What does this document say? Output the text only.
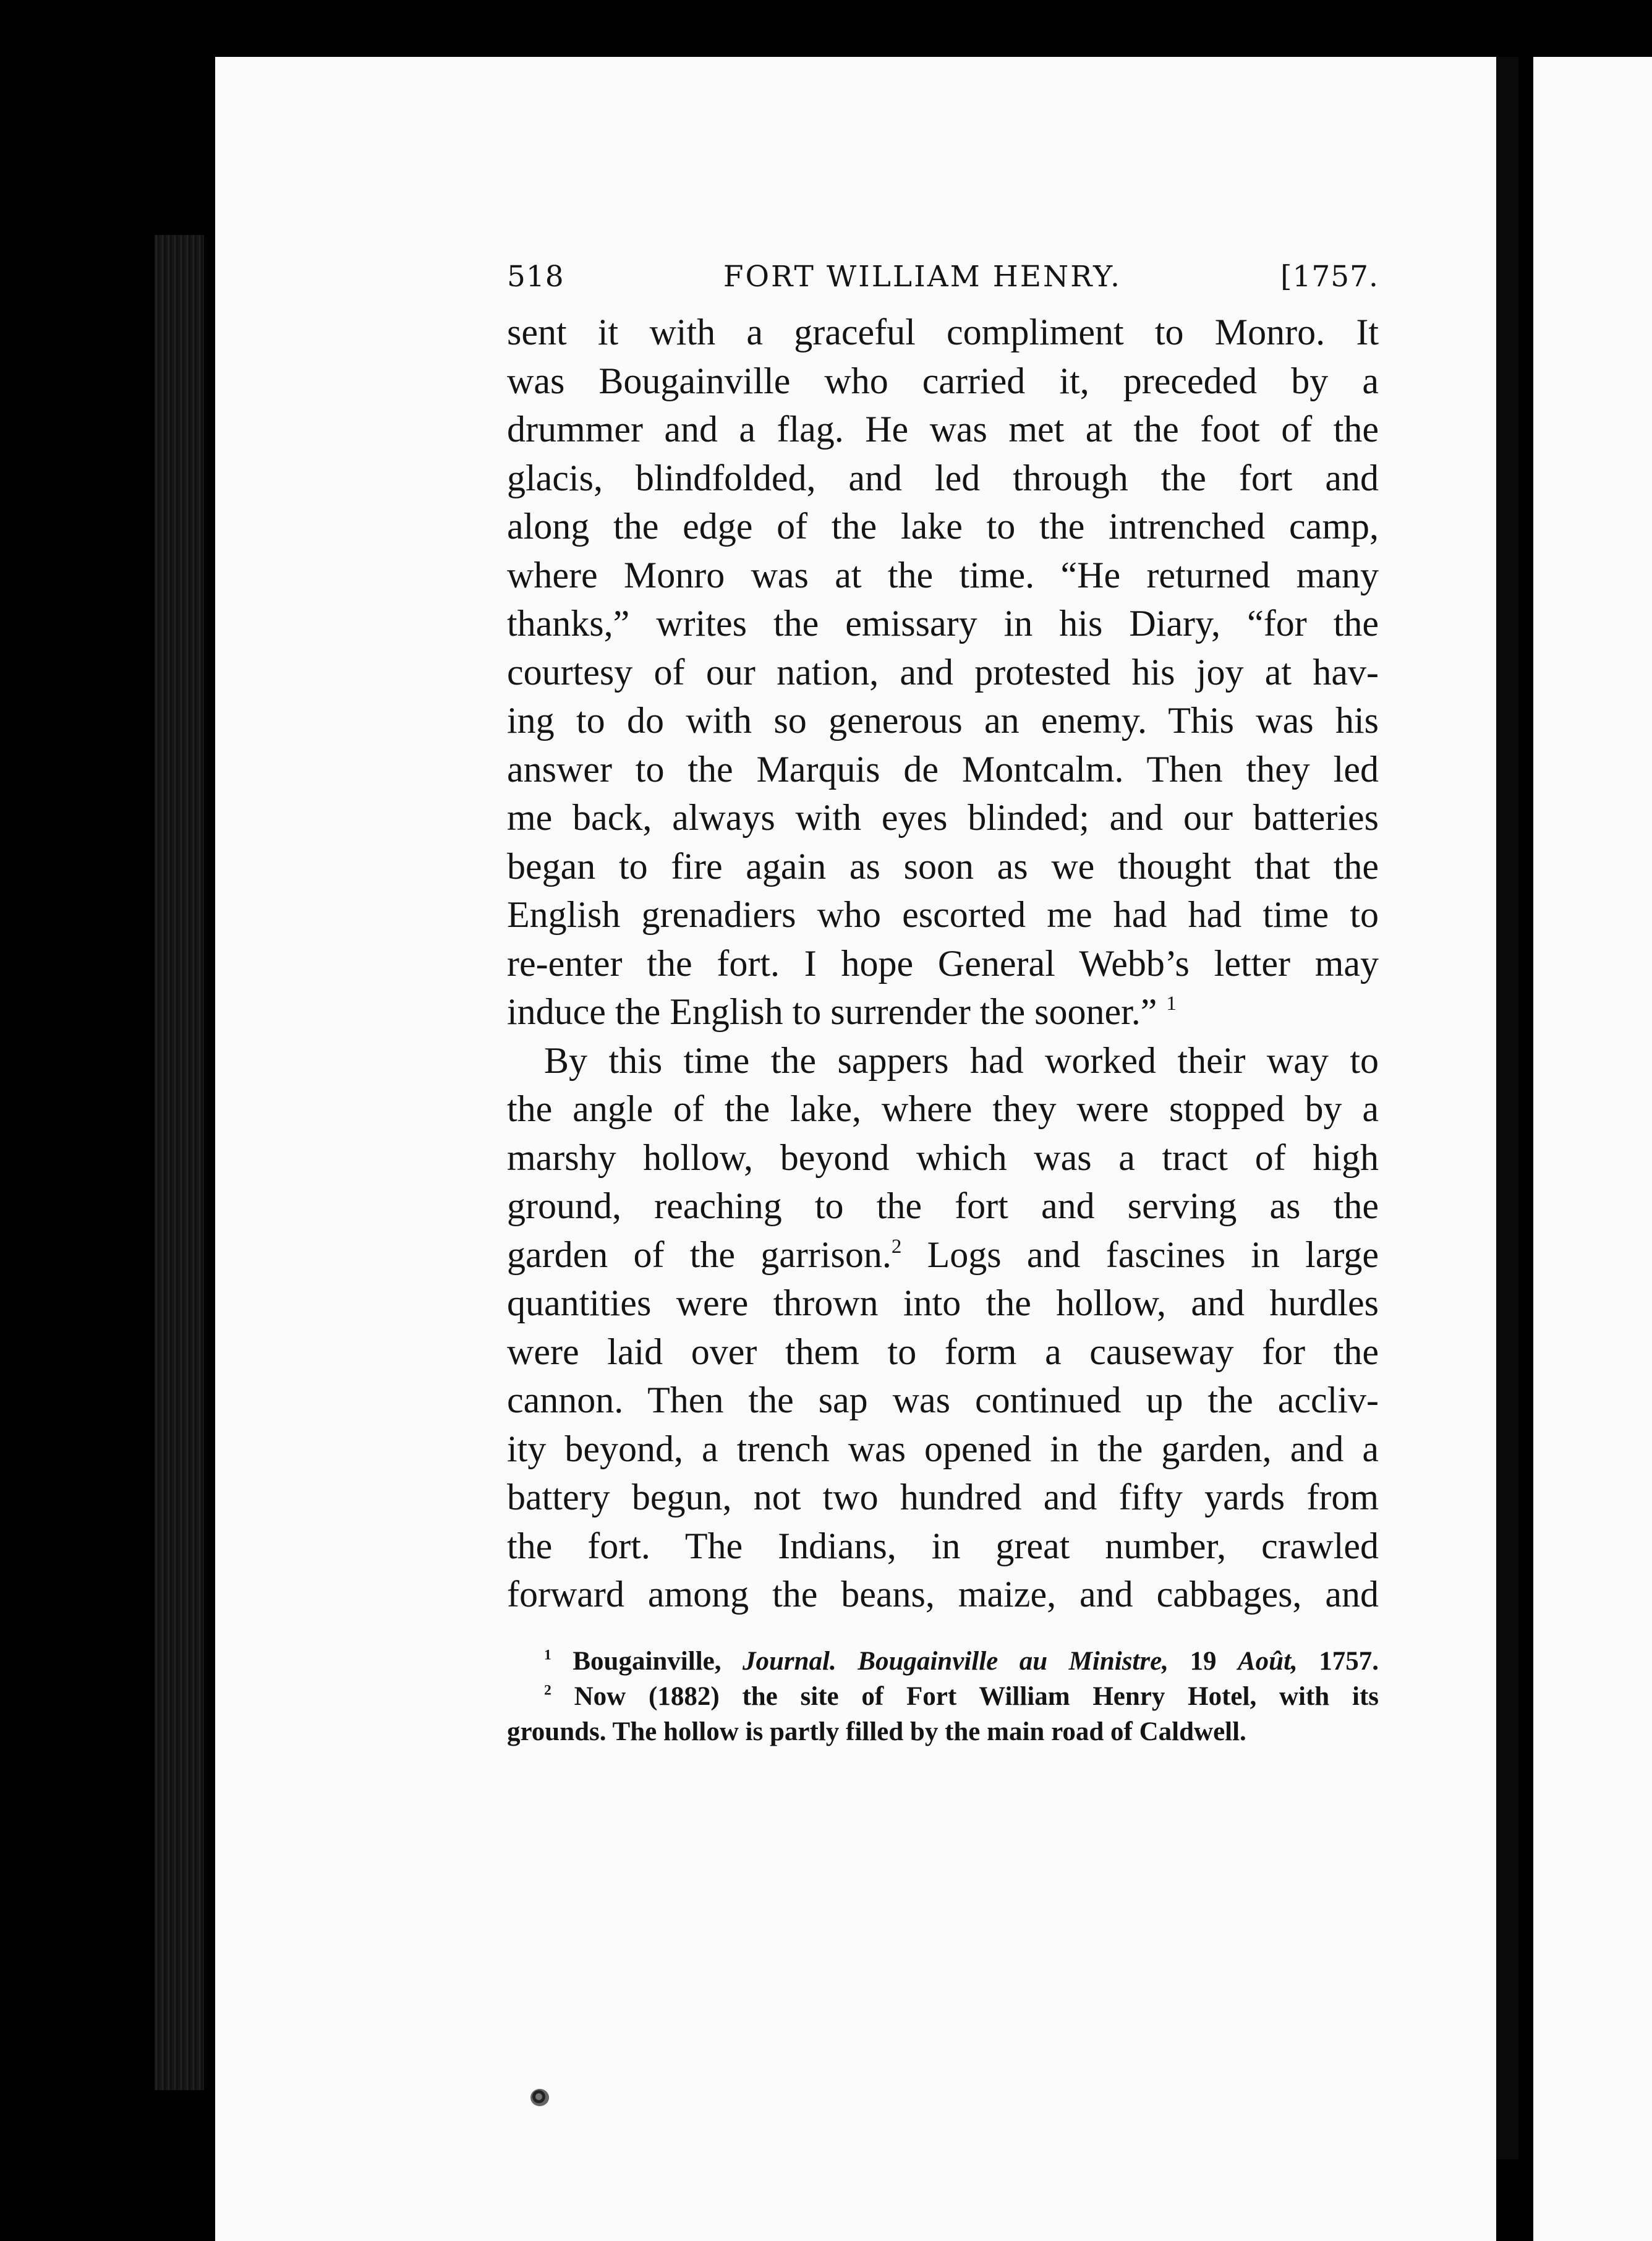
518	FORT WILLIAM HENRY.	[1757.
sent it with a graceful compliment to Monro. It
was Bougainville who carried it, preceded by a
drummer and a flag. He was met at the foot of the
glacis, blindfolded, and led through the fort and
along the edge of the lake to the intrenched camp,
where Monro was at the time. “He returned many
thanks,” writes the emissary in his Diary, “for the
courtesy of our nation, and protested his joy at hav-
ing to do with so generous an enemy. This was his
answer to the Marquis de Montcalm. Then they led
me back, always with eyes blinded; and our batteries
began to fire again as soon as we thought that the
English grenadiers who escorted me had had time to
re-enter the fort. I hope General Webb’s letter may
induce the English to surrender the sooner.” $^1$
By this time the sappers had worked their way to
the angle of the lake, where they were stopped by a
marshy hollow, beyond which was a tract of high
ground, reaching to the fort and serving as the
garden of the garrison.$^2$ Logs and fascines in large
quantities were thrown into the hollow, and hurdles
were laid over them to form a causeway for the
cannon. Then the sap was continued up the accliv-
ity beyond, a trench was opened in the garden, and a
battery begun, not two hundred and fifty yards from
the fort. The Indians, in great number, crawled
forward among the beans, maize, and cabbages, and
$^1$ Bougainville, Journal. Bougainville au Ministre, 19 Août, 1757.
$^2$ Now (1882) the site of Fort William Henry Hotel, with its
grounds. The hollow is partly filled by the main road of Caldwell.
